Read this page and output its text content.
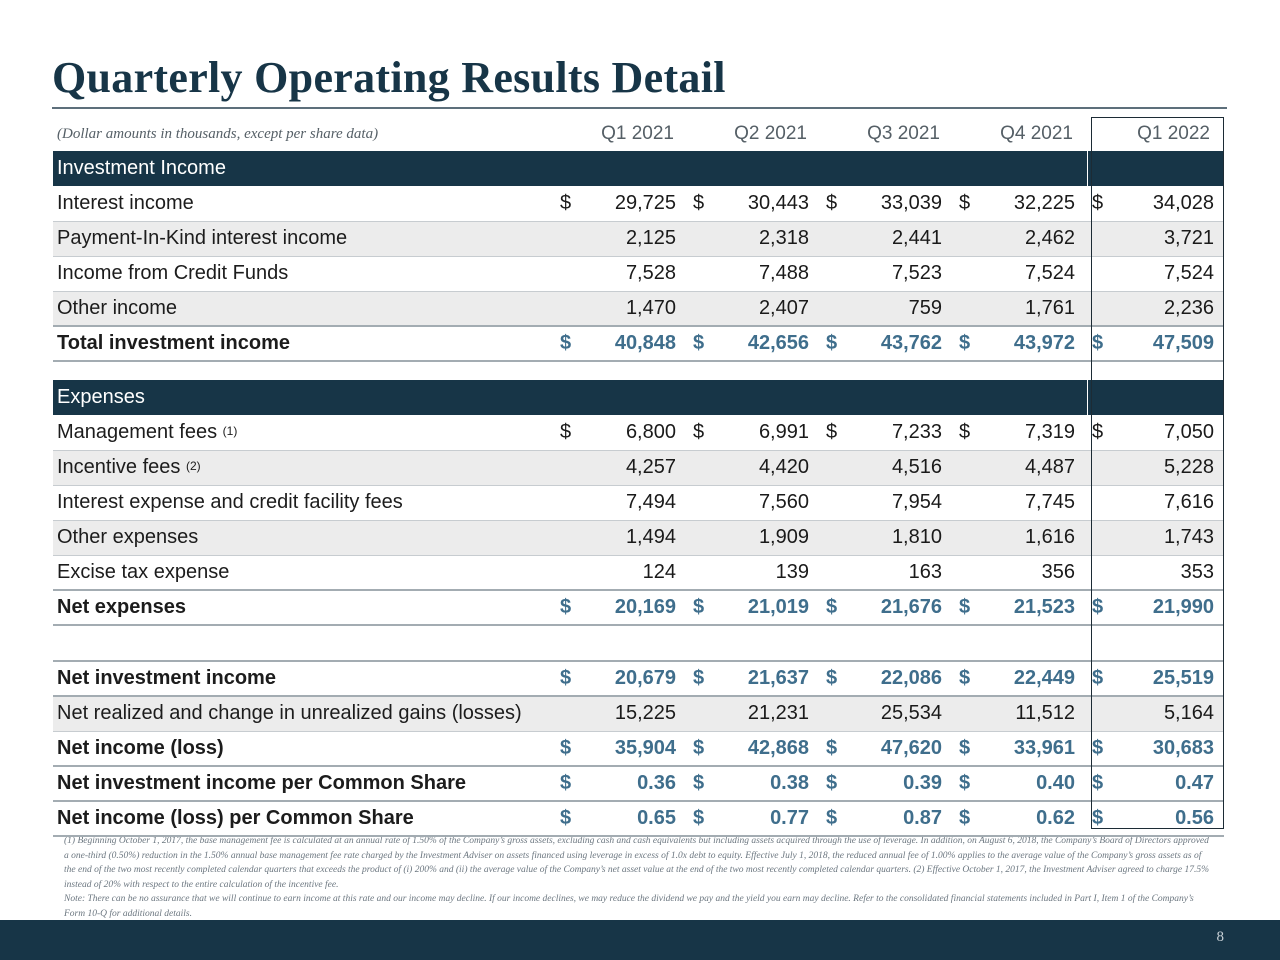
Quarterly Operating Results Detail
(Dollar amounts in thousands, except per share data)		Q1 2021		Q2 2021		Q3 2021		Q4 2021		Q1 2022
Investment Income										
Interest income	$	29,725	$	30,443	$	33,039	$	32,225	$	34,028
Payment-In-Kind interest income		2,125		2,318		2,441		2,462		3,721
Income from Credit Funds		7,528		7,488		7,523		7,524		7,524
Other income		1,470		2,407		759		1,761		2,236
Total investment income	$	40,848	$	42,656	$	43,762	$	43,972	$	47,509

Expenses										
Management fees $^{(1)}$	$	6,800	$	6,991	$	7,233	$	7,319	$	7,050
Incentive fees $^{(2)}$		4,257		4,420		4,516		4,487		5,228
Interest expense and credit facility fees		7,494		7,560		7,954		7,745		7,616
Other expenses		1,494		1,909		1,810		1,616		1,743
Excise tax expense		124		139		163		356		353
Net expenses	$	20,169	$	21,019	$	21,676	$	21,523	$	21,990

Net investment income	$	20,679	$	21,637	$	22,086	$	22,449	$	25,519
Net realized and change in unrealized gains (losses)		15,225		21,231		25,534		11,512		5,164
Net income (loss)	$	35,904	$	42,868	$	47,620	$	33,961	$	30,683
Net investment income per Common Share	$	0.36	$	0.38	$	0.39	$	0.40	$	0.47
Net income (loss) per Common Share	$	0.65	$	0.77	$	0.87	$	0.62	$	0.56

(1) Beginning October 1, 2017, the base management fee is calculated at an annual rate of 1.50% of the Company’s gross assets, excluding cash and cash equivalents but including assets acquired through the use of leverage. In addition, on August 6, 2018, the Company’s Board of Directors approved a one-third (0.50%) reduction in the 1.50% annual base management fee rate charged by the Investment Adviser on assets financed using leverage in excess of 1.0x debt to equity. Effective July 1, 2018, the reduced annual fee of 1.00% applies to the average value of the Company’s gross assets as of the end of the two most recently completed calendar quarters that exceeds the product of (i) 200% and (ii) the average value of the Company’s net asset value at the end of the two most recently completed calendar quarters. (2) Effective October 1, 2017, the Investment Adviser agreed to charge 17.5% instead of 20% with respect to the entire calculation of the incentive fee.

Note: There can be no assurance that we will continue to earn income at this rate and our income may decline. If our income declines, we may reduce the dividend we pay and the yield you earn may decline. Refer to the consolidated financial statements included in Part I, Item 1 of the Company’s Form 10-Q for additional details.

8
